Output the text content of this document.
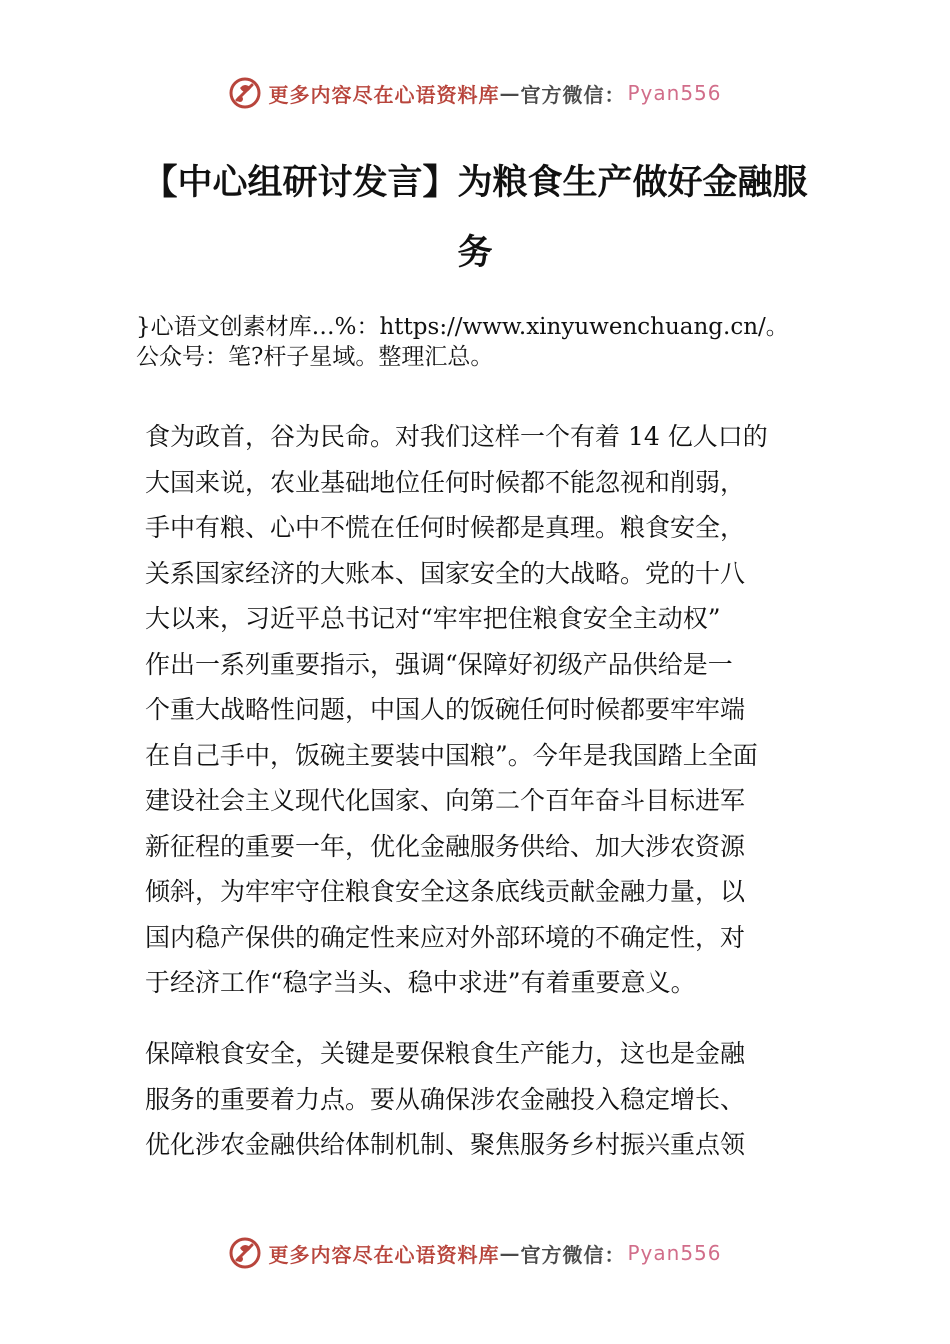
更多内容尽在心语资料库 — 官方微信： Pyan556
【中心组研讨发言】为粮食生产做好金融服
务
}心语文创素材库…%：https://www.xinyuwenchuang.cn/。
公众号：笔?杆子星域。整理汇总。

食为政首，谷为民命。对我们这样一个有着 14 亿人口的
大国来说，农业基础地位任何时候都不能忽视和削弱，
手中有粮、心中不慌在任何时候都是真理。粮食安全，
关系国家经济的大账本、国家安全的大战略。党的十八
大以来，习近平总书记对“牢牢把住粮食安全主动权”
作出一系列重要指示，强调“保障好初级产品供给是一
个重大战略性问题，中国人的饭碗任何时候都要牢牢端
在自己手中，饭碗主要装中国粮”。今年是我国踏上全面
建设社会主义现代化国家、向第二个百年奋斗目标进军
新征程的重要一年，优化金融服务供给、加大涉农资源
倾斜，为牢牢守住粮食安全这条底线贡献金融力量，以
国内稳产保供的确定性来应对外部环境的不确定性，对
于经济工作“稳字当头、稳中求进”有着重要意义。

保障粮食安全，关键是要保粮食生产能力，这也是金融
服务的重要着力点。要从确保涉农金融投入稳定增长、
优化涉农金融供给体制机制、聚焦服务乡村振兴重点领

更多内容尽在心语资料库 — 官方微信： Pyan556
